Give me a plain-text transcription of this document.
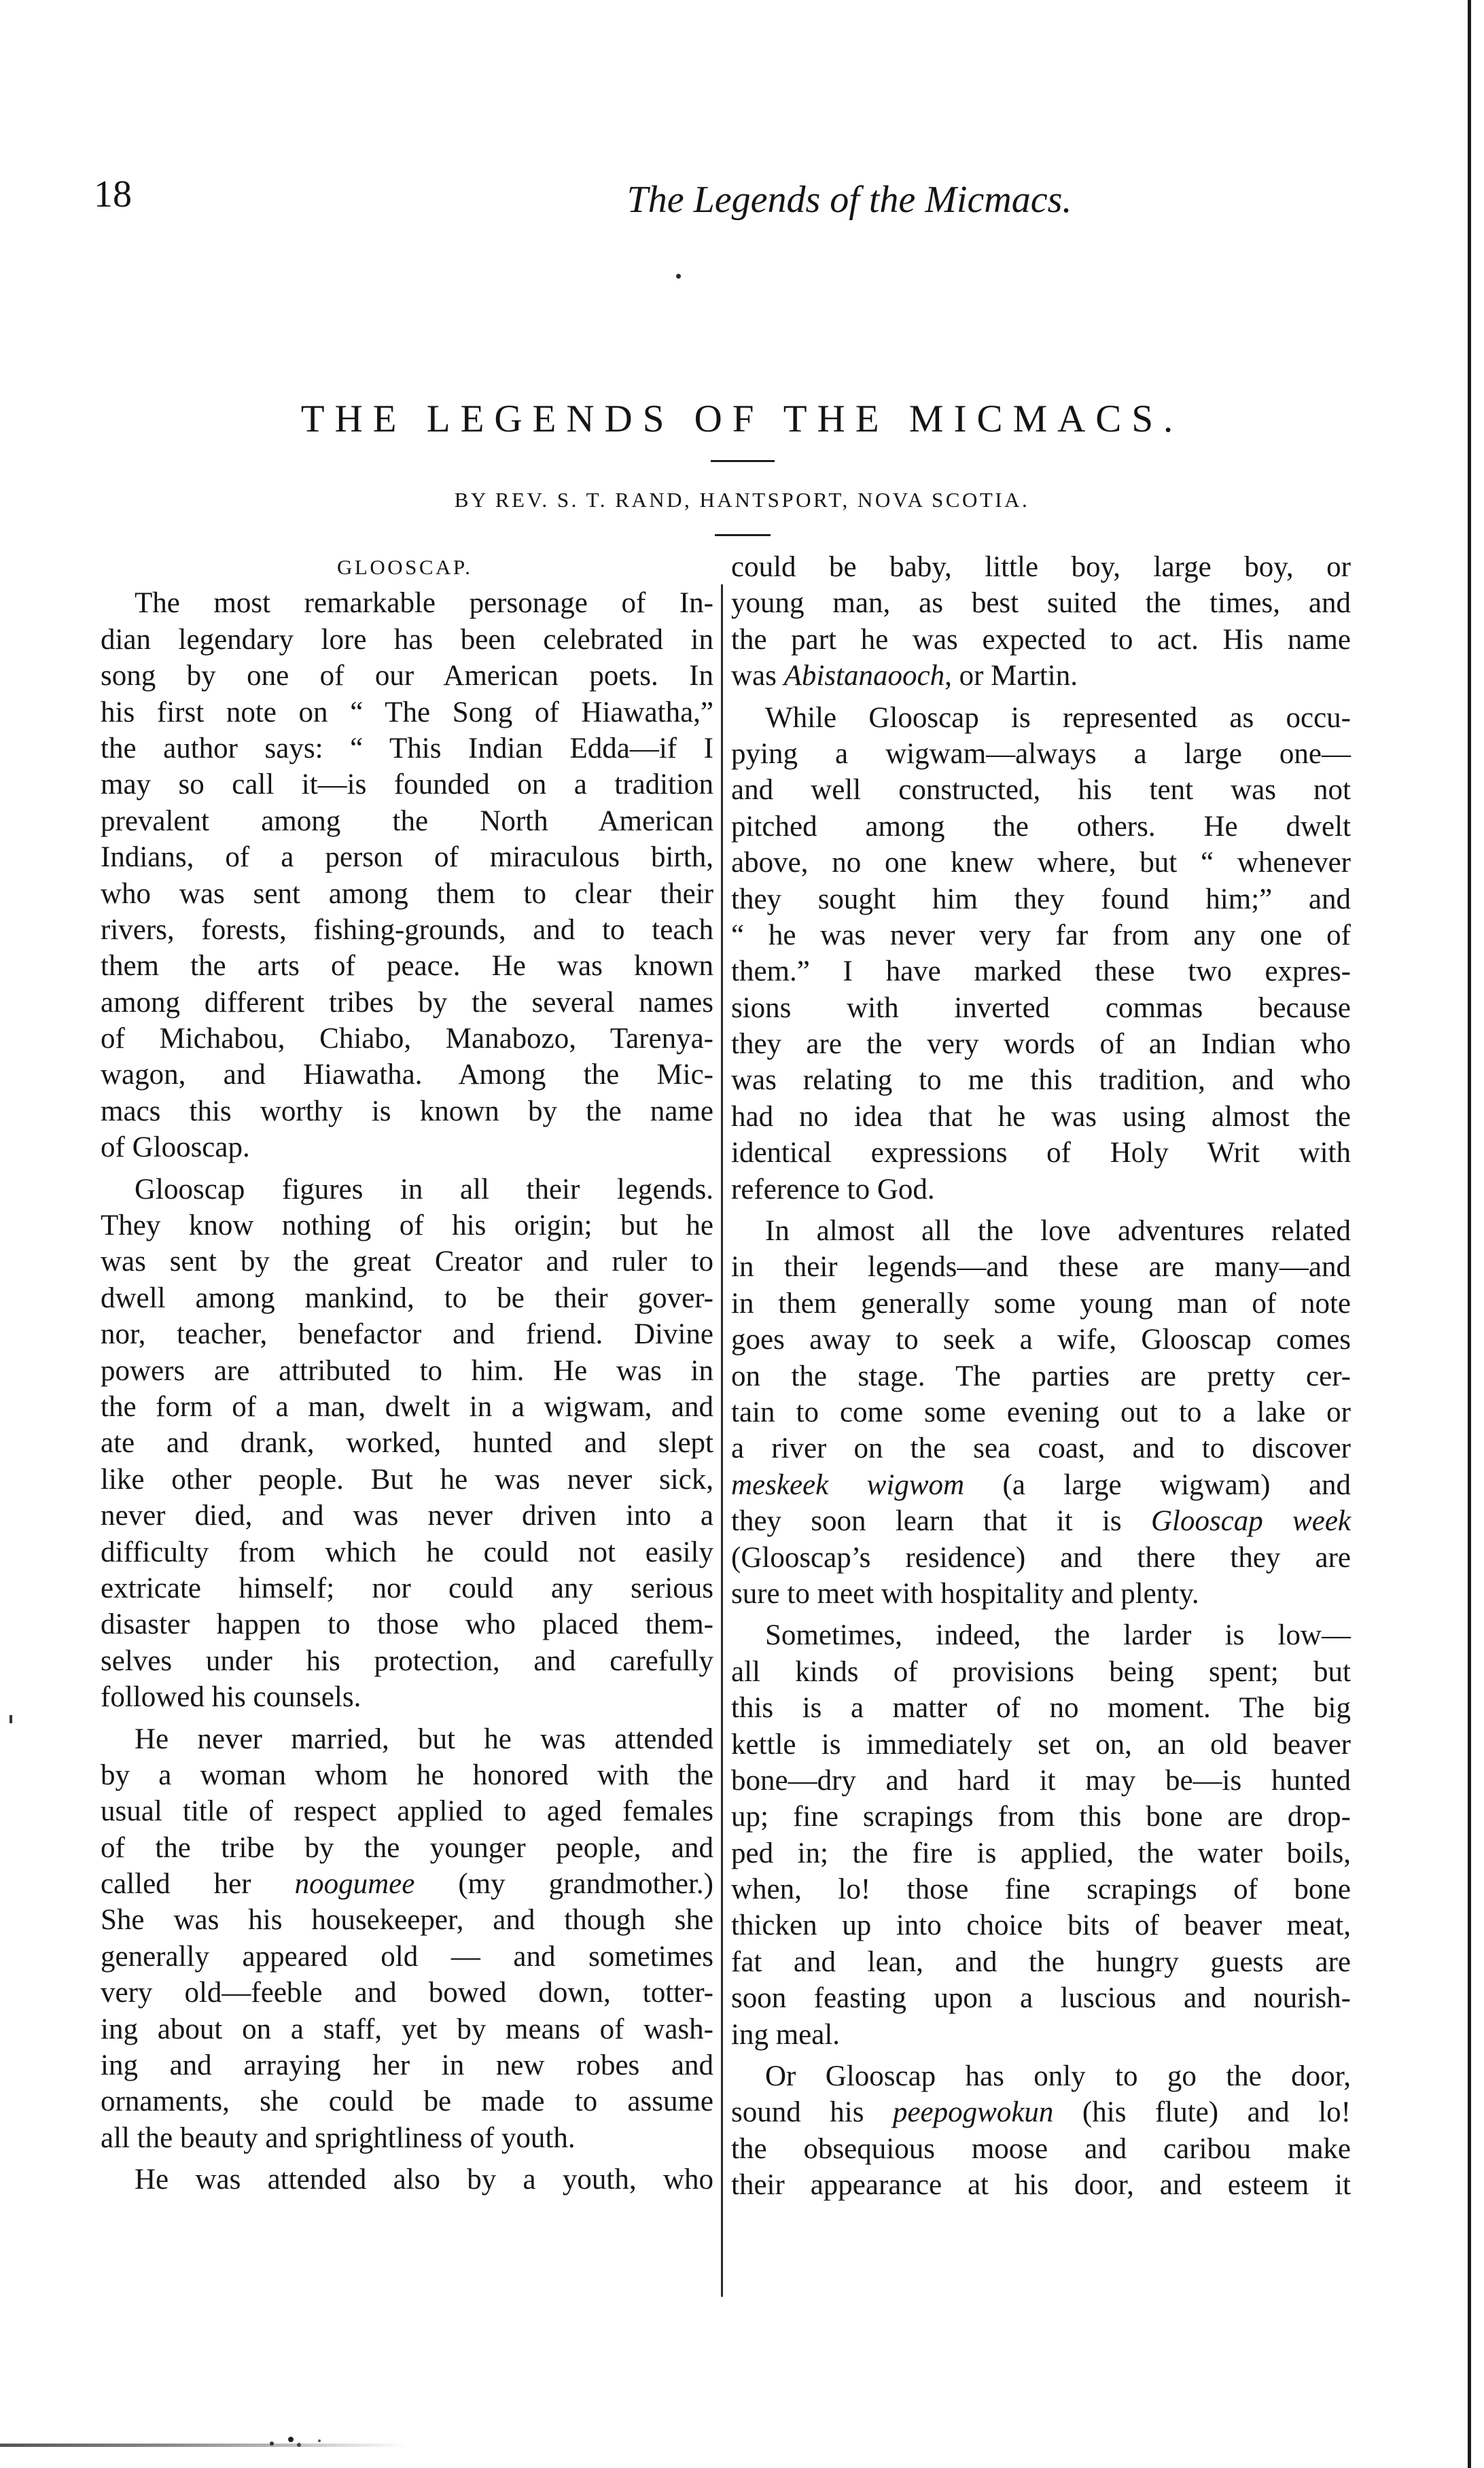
18	The Legends of the Micmacs.
THE LEGENDS OF THE MICMACS.
BY REV. S. T. RAND, HANTSPORT, NOVA SCOTIA.
GLOOSCAP.
The most remarkable personage of In-
dian legendary lore has been celebrated in
song by one of our American poets. In
his first note on “ The Song of Hiawatha,”
the author says: “ This Indian Edda—if I
may so call it—is founded on a tradition
prevalent among the North American
Indians, of a person of miraculous birth,
who was sent among them to clear their
rivers, forests, fishing-grounds, and to teach
them the arts of peace. He was known
among different tribes by the several names
of Michabou, Chiabo, Manabozo, Tarenya-
wagon, and Hiawatha. Among the Mic-
macs this worthy is known by the name
of Glooscap.
Glooscap figures in all their legends.
They know nothing of his origin; but he
was sent by the great Creator and ruler to
dwell among mankind, to be their gover-
nor, teacher, benefactor and friend. Divine
powers are attributed to him. He was in
the form of a man, dwelt in a wigwam, and
ate and drank, worked, hunted and slept
like other people. But he was never sick,
never died, and was never driven into a
difficulty from which he could not easily
extricate himself; nor could any serious
disaster happen to those who placed them-
selves under his protection, and carefully
followed his counsels.
He never married, but he was attended
by a woman whom he honored with the
usual title of respect applied to aged females
of the tribe by the younger people, and
called her noogumee (my grandmother.)
She was his housekeeper, and though she
generally appeared old — and sometimes
very old—feeble and bowed down, totter-
ing about on a staff, yet by means of wash-
ing and arraying her in new robes and
ornaments, she could be made to assume
all the beauty and sprightliness of youth.
He was attended also by a youth, who
could be baby, little boy, large boy, or
young man, as best suited the times, and
the part he was expected to act. His name
was Abistanaooch, or Martin.
While Glooscap is represented as occu-
pying a wigwam—always a large one—
and well constructed, his tent was not
pitched among the others. He dwelt
above, no one knew where, but “ whenever
they sought him they found him;” and
“ he was never very far from any one of
them.” I have marked these two expres-
sions with inverted commas because
they are the very words of an Indian who
was relating to me this tradition, and who
had no idea that he was using almost the
identical expressions of Holy Writ with
reference to God.
In almost all the love adventures related
in their legends—and these are many—and
in them generally some young man of note
goes away to seek a wife, Glooscap comes
on the stage. The parties are pretty cer-
tain to come some evening out to a lake or
a river on the sea coast, and to discover
meskeek wigwom (a large wigwam) and
they soon learn that it is Glooscap week
(Glooscap’s residence) and there they are
sure to meet with hospitality and plenty.
Sometimes, indeed, the larder is low—
all kinds of provisions being spent; but
this is a matter of no moment. The big
kettle is immediately set on, an old beaver
bone—dry and hard it may be—is hunted
up; fine scrapings from this bone are drop-
ped in; the fire is applied, the water boils,
when, lo! those fine scrapings of bone
thicken up into choice bits of beaver meat,
fat and lean, and the hungry guests are
soon feasting upon a luscious and nourish-
ing meal.
Or Glooscap has only to go the door,
sound his peepogwokun (his flute) and lo!
the obsequious moose and caribou make
their appearance at his door, and esteem it
